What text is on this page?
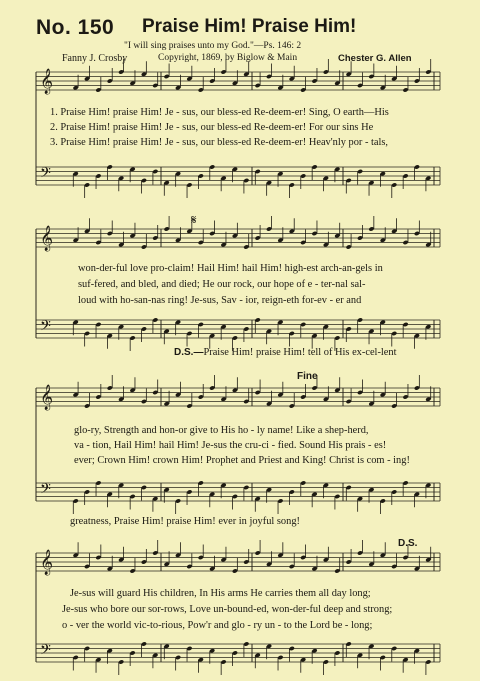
No. 150 Praise Him! Praise Him!
"I will sing praises unto my God."—Ps. 146: 2
Fanny J. Crosby	Copyright, 1869, by Biglow & Main	Chester G. Allen
𝄞
𝄢
𝄞
𝄢
𝄞
𝄢
𝄞
𝄢
1. Praise Him! praise Him! Je - sus, our bless-ed Re-deem-er! Sing, O earth—His
2. Praise Him! praise Him! Je - sus, our bless-ed Re-deem-er! For our sins He
3. Praise Him! praise Him! Je - sus, our bless-ed Re-deem-er! Heav'nly por - tals,
𝄋
won-der-ful love pro-claim! Hail Him! hail Him! high-est arch-an-gels in
suf-fered, and bled, and died; He our rock, our hope of e - ter-nal sal-
loud with ho-san-nas ring! Je-sus, Sav - ior, reign-eth for-ev - er and
D.S.—Praise Him! praise Him! tell of His ex-cel-lent
Fine
glo-ry, Strength and hon-or give to His ho - ly name! Like a shep-herd,
va - tion, Hail Him! hail Him! Je-sus the cru-ci - fied. Sound His prais - es!
ever; Crown Him! crown Him! Prophet and Priest and King! Christ is com - ing!
greatness, Praise Him! praise Him! ever in joyful song!
D.S.
Je-sus will guard His children, In His arms He carries them all day long;
Je-sus who bore our sor-rows, Love un-bound-ed, won-der-ful deep and strong;
o - ver the world vic-to-rious, Pow'r and glo - ry un - to the Lord be - long;
